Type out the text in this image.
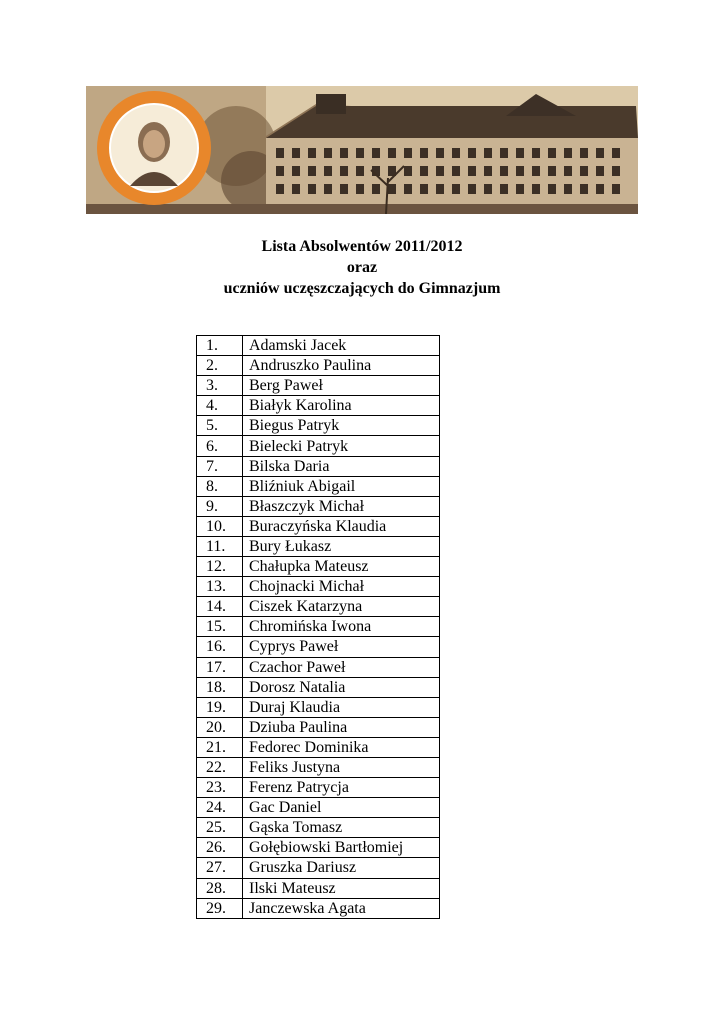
Lista Absolwentów 2011/2012
oraz
uczniów uczęszczających do Gimnazjum
1.	Adamski Jacek
2.	Andruszko Paulina
3.	Berg Paweł
4.	Białyk Karolina
5.	Biegus Patryk
6.	Bielecki Patryk
7.	Bilska Daria
8.	Bliźniuk Abigail
9.	Błaszczyk Michał
10.	Buraczyńska Klaudia
11.	Bury Łukasz
12.	Chałupka Mateusz
13.	Chojnacki Michał
14.	Ciszek Katarzyna
15.	Chromińska Iwona
16.	Cyprys Paweł
17.	Czachor Paweł
18.	Dorosz Natalia
19.	Duraj Klaudia
20.	Dziuba Paulina
21.	Fedorec Dominika
22.	Feliks Justyna
23.	Ferenz Patrycja
24.	Gac Daniel
25.	Gąska Tomasz
26.	Gołębiowski Bartłomiej
27.	Gruszka Dariusz
28.	Ilski Mateusz
29.	Janczewska Agata
